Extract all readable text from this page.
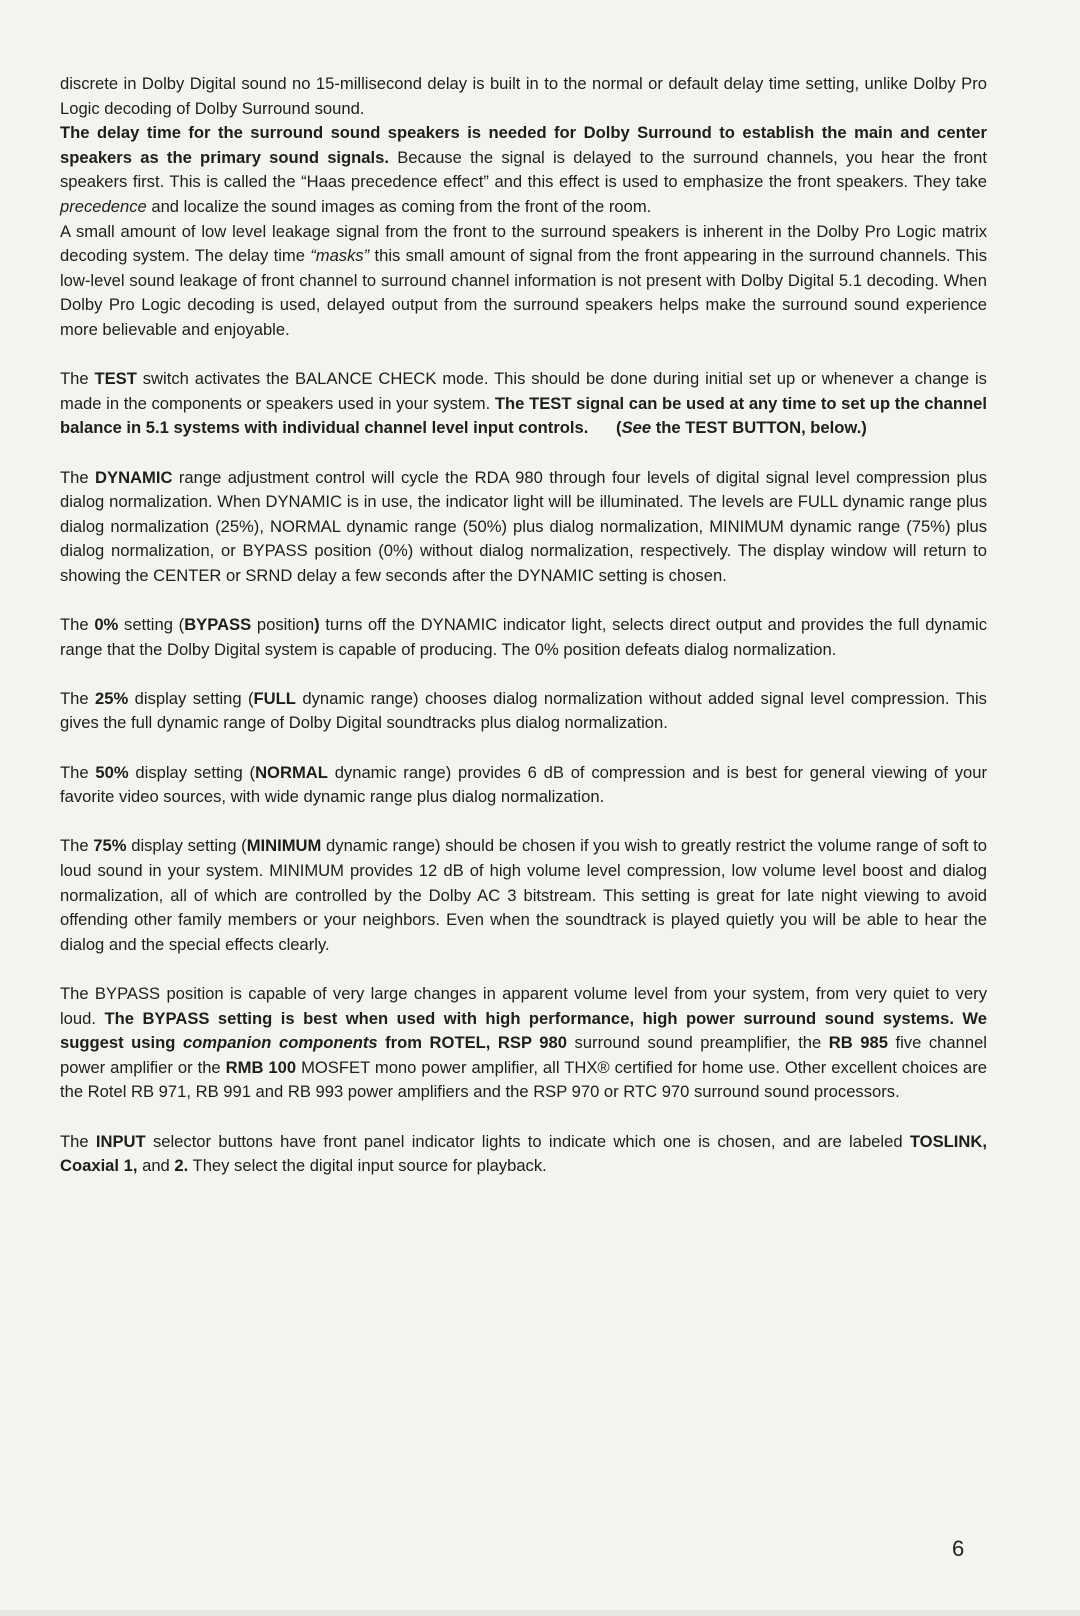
discrete in Dolby Digital sound no 15-millisecond delay is built in to the normal or default delay time setting, unlike Dolby Pro Logic decoding of Dolby Surround sound.

The delay time for the surround sound speakers is needed for Dolby Surround to establish the main and center speakers as the primary sound signals. Because the signal is delayed to the surround channels, you hear the front speakers first. This is called the “Haas precedence effect” and this effect is used to emphasize the front speakers. They take precedence and localize the sound images as coming from the front of the room.

A small amount of low level leakage signal from the front to the surround speakers is inherent in the Dolby Pro Logic matrix decoding system. The delay time “masks” this small amount of signal from the front appearing in the surround channels. This low-level sound leakage of front channel to surround channel information is not present with Dolby Digital 5.1 decoding. When Dolby Pro Logic decoding is used, delayed output from the surround speakers helps make the surround sound experience more believable and enjoyable.

The TEST switch activates the BALANCE CHECK mode. This should be done during initial set up or whenever a change is made in the components or speakers used in your system. The TEST signal can be used at any time to set up the channel balance in 5.1 systems with individual channel level input controls. (See the TEST BUTTON, below.)

The DYNAMIC range adjustment control will cycle the RDA 980 through four levels of digital signal level compression plus dialog normalization. When DYNAMIC is in use, the indicator light will be illuminated. The levels are FULL dynamic range plus dialog normalization (25%), NORMAL dynamic range (50%) plus dialog normalization, MINIMUM dynamic range (75%) plus dialog normalization, or BYPASS position (0%) without dialog normalization, respectively. The display window will return to showing the CENTER or SRND delay a few seconds after the DYNAMIC setting is chosen.

The 0% setting (BYPASS position) turns off the DYNAMIC indicator light, selects direct output and provides the full dynamic range that the Dolby Digital system is capable of producing. The 0% position defeats dialog normalization.

The 25% display setting (FULL dynamic range) chooses dialog normalization without added signal level compression. This gives the full dynamic range of Dolby Digital soundtracks plus dialog normalization.

The 50% display setting (NORMAL dynamic range) provides 6 dB of compression and is best for general viewing of your favorite video sources, with wide dynamic range plus dialog normalization.

The 75% display setting (MINIMUM dynamic range) should be chosen if you wish to greatly restrict the volume range of soft to loud sound in your system. MINIMUM provides 12 dB of high volume level compression, low volume level boost and dialog normalization, all of which are controlled by the Dolby AC 3 bitstream. This setting is great for late night viewing to avoid offending other family members or your neighbors. Even when the soundtrack is played quietly you will be able to hear the dialog and the special effects clearly.

The BYPASS position is capable of very large changes in apparent volume level from your system, from very quiet to very loud. The BYPASS setting is best when used with high performance, high power surround sound systems. We suggest using companion components from ROTEL, RSP 980 surround sound preamplifier, the RB 985 five channel power amplifier or the RMB 100 MOSFET mono power amplifier, all THX® certified for home use. Other excellent choices are the Rotel RB 971, RB 991 and RB 993 power amplifiers and the RSP 970 or RTC 970 surround sound processors.

The INPUT selector buttons have front panel indicator lights to indicate which one is chosen, and are labeled TOSLINK, Coaxial 1, and 2. They select the digital input source for playback.

6
